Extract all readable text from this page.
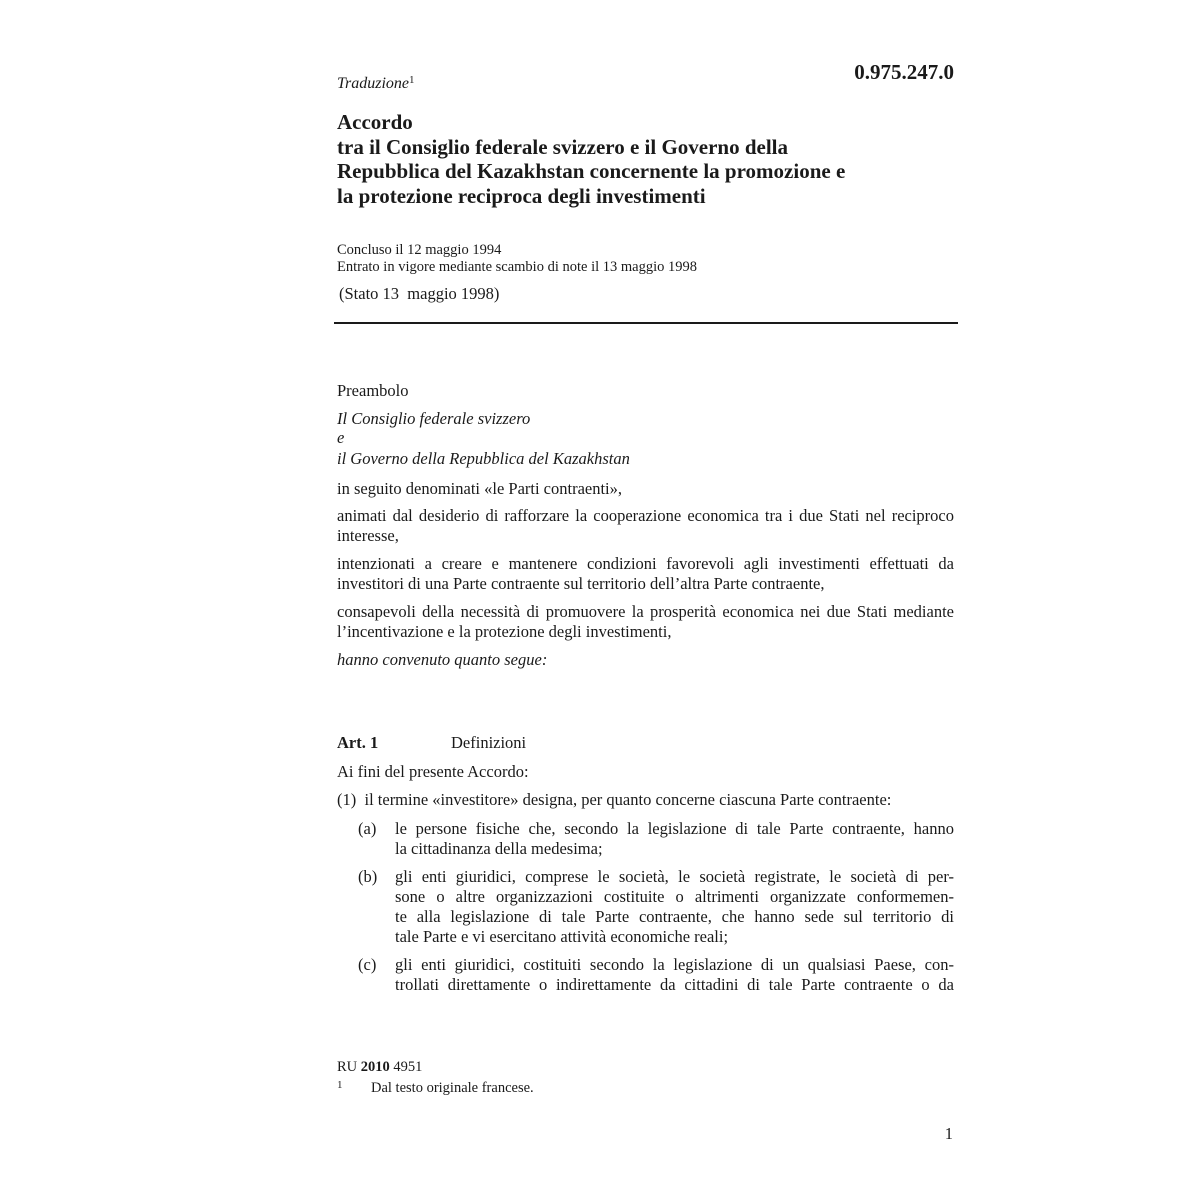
0.975.247.0
Traduzione$^1$
Accordo
tra il Consiglio federale svizzero e il Governo della
Repubblica del Kazakhstan concernente la promozione e
la protezione reciproca degli investimenti
Concluso il 12 maggio 1994
Entrato in vigore mediante scambio di note il 13 maggio 1998
(Stato 13  maggio 1998)
Preambolo
Il Consiglio federale svizzero
e
il Governo della Repubblica del Kazakhstan
in seguito denominati «le Parti contraenti»,
animati dal desiderio di rafforzare la cooperazione economica tra i due Stati nel reciproco interesse,
intenzionati a creare e mantenere condizioni favorevoli agli investimenti effettuati da investitori di una Parte contraente sul territorio dell’altra Parte contraente,
consapevoli della necessità di promuovere la prosperità economica nei due Stati mediante l’incentivazione e la protezione degli investimenti,
hanno convenuto quanto segue:
Art. 1	Definizioni
Ai fini del presente Accordo:
(1)  il termine «investitore» designa, per quanto concerne ciascuna Parte contraente:
(a) le persone fisiche che, secondo la legislazione di tale Parte contraente, hanno
la cittadinanza della medesima;
(b) gli enti giuridici, comprese le società, le società registrate, le società di per-
sone o altre organizzazioni costituite o altrimenti organizzate conformemen-
te alla legislazione di tale Parte contraente, che hanno sede sul territorio di
tale Parte e vi esercitano attività economiche reali;
(c) gli enti giuridici, costituiti secondo la legislazione di un qualsiasi Paese, con-
trollati direttamente o indirettamente da cittadini di tale Parte contraente o da
RU 2010 4951
1 Dal testo originale francese.
1
